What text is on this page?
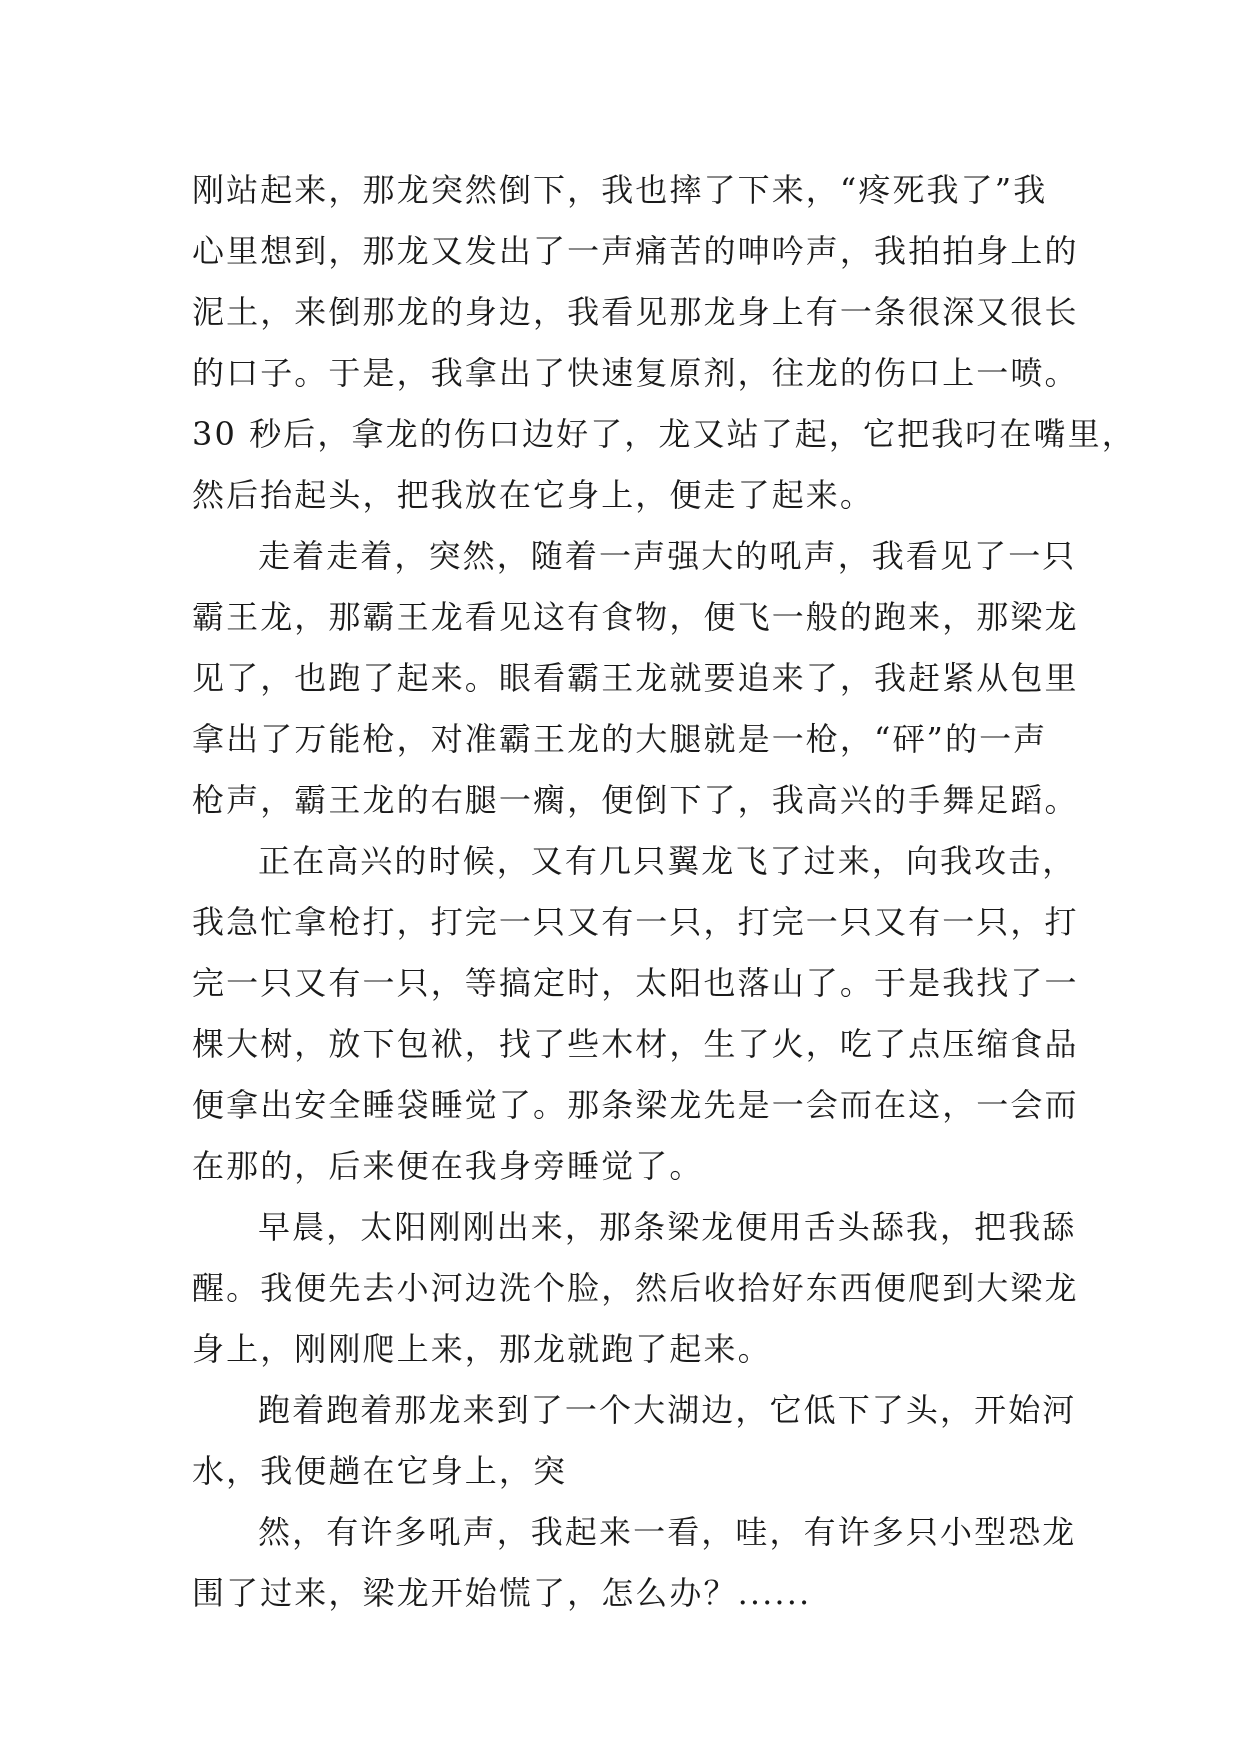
刚站起来，那龙突然倒下，我也摔了下来，“疼死我了”我
心里想到，那龙又发出了一声痛苦的呻吟声，我拍拍身上的
泥土，来倒那龙的身边，我看见那龙身上有一条很深又很长
的口子。于是，我拿出了快速复原剂，往龙的伤口上一喷。
30 秒后，拿龙的伤口边好了，龙又站了起，它把我叼在嘴里，
然后抬起头，把我放在它身上，便走了起来。
走着走着，突然，随着一声强大的吼声，我看见了一只
霸王龙，那霸王龙看见这有食物，便飞一般的跑来，那梁龙
见了，也跑了起来。眼看霸王龙就要追来了，我赶紧从包里
拿出了万能枪，对准霸王龙的大腿就是一枪，“砰”的一声
枪声，霸王龙的右腿一瘸，便倒下了，我高兴的手舞足蹈。
正在高兴的时候，又有几只翼龙飞了过来，向我攻击，
我急忙拿枪打，打完一只又有一只，打完一只又有一只，打
完一只又有一只，等搞定时，太阳也落山了。于是我找了一
棵大树，放下包袱，找了些木材，生了火，吃了点压缩食品
便拿出安全睡袋睡觉了。那条梁龙先是一会而在这，一会而
在那的，后来便在我身旁睡觉了。
早晨，太阳刚刚出来，那条梁龙便用舌头舔我，把我舔
醒。我便先去小河边洗个脸，然后收拾好东西便爬到大梁龙
身上，刚刚爬上来，那龙就跑了起来。
跑着跑着那龙来到了一个大湖边，它低下了头，开始河
水，我便趟在它身上，突
然，有许多吼声，我起来一看，哇，有许多只小型恐龙
围了过来，梁龙开始慌了，怎么办？......
